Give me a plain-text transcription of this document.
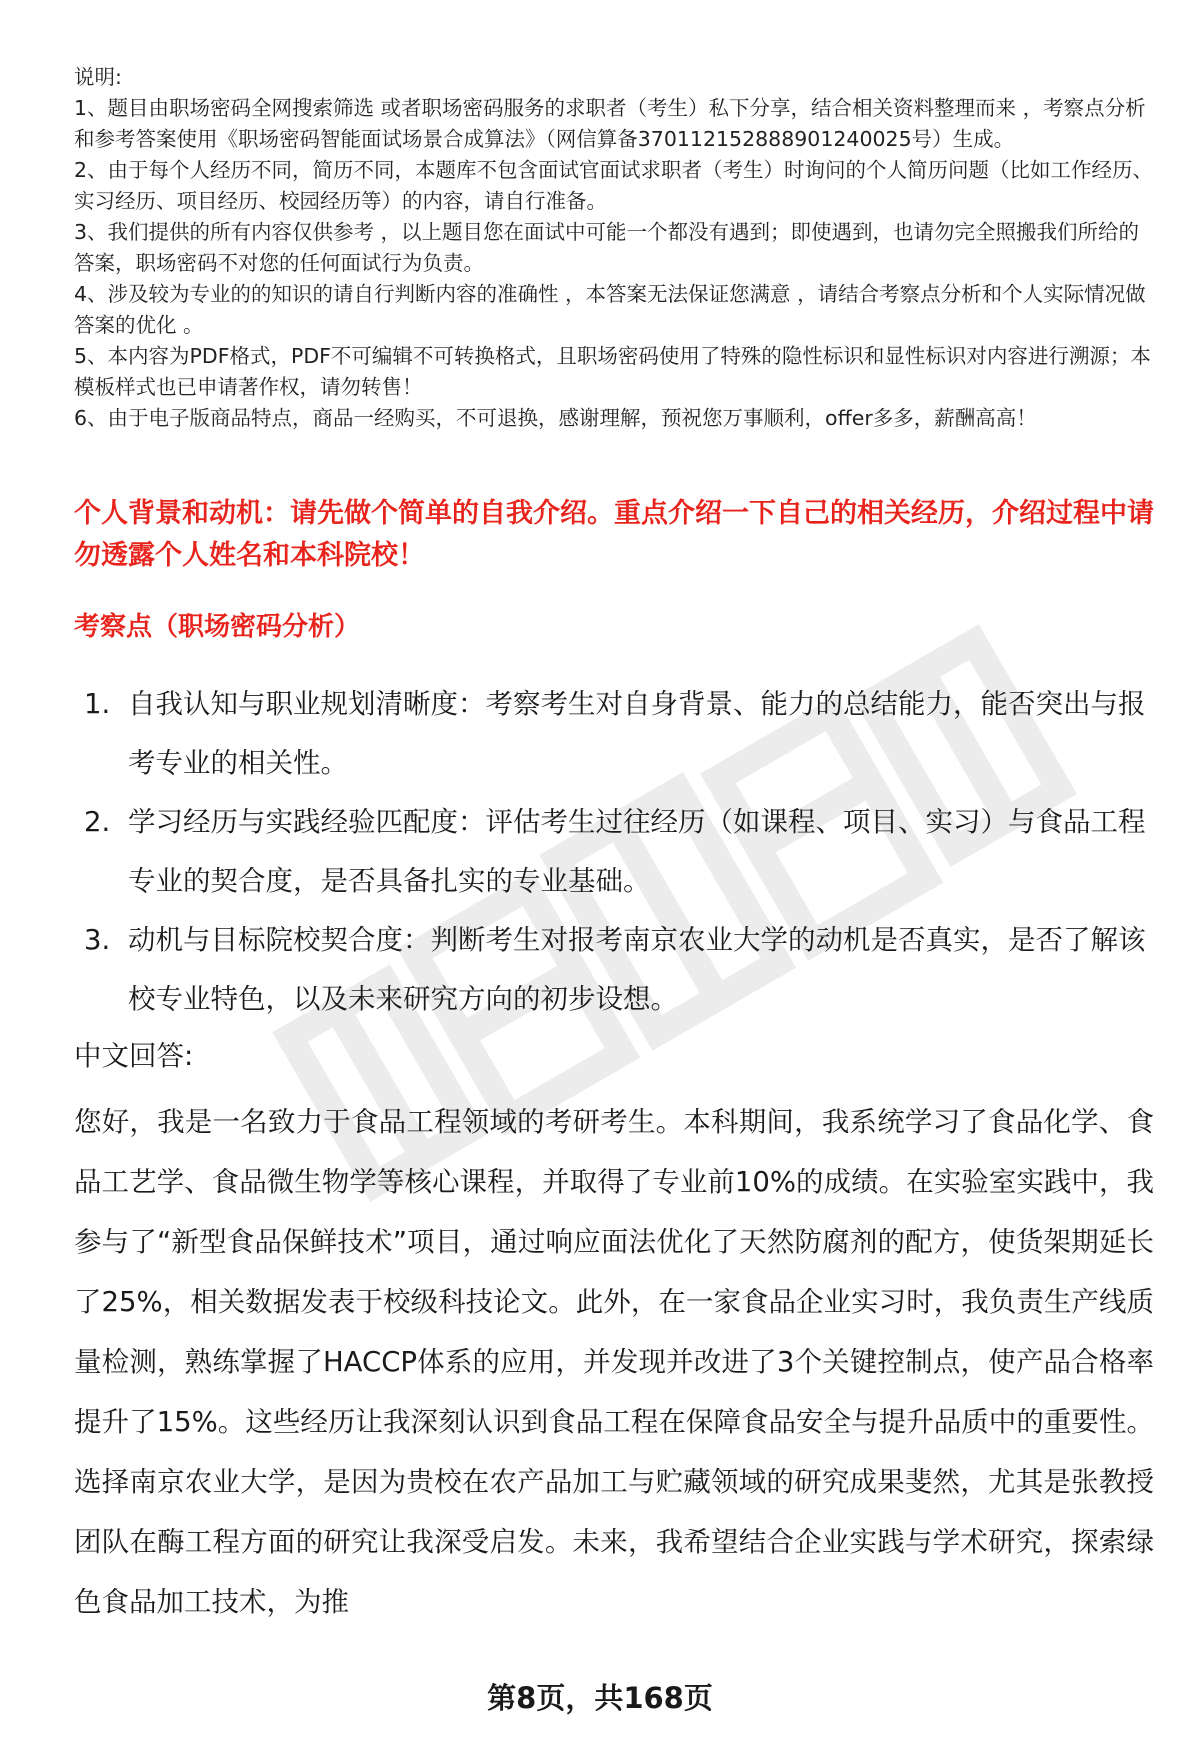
说明:

1、题目由职场密码全网搜索筛选 或者职场密码服务的求职者（考生）私下分享，结合相关资料整理而来 ，考察点分析和参考答案使用《职场密码智能面试场景合成算法》（网信算备370112152888901240025号）生成。

2、由于每个人经历不同，简历不同，本题库不包含面试官面试求职者（考生）时询问的个人简历问题（比如工作经历、实习经历、项目经历、校园经历等）的内容，请自行准备。

3、我们提供的所有内容仅供参考 ，以上题目您在面试中可能一个都没有遇到；即使遇到，也请勿完全照搬我们所给的答案，职场密码不对您的任何面试行为负责。

4、涉及较为专业的的知识的请自行判断内容的准确性 ，本答案无法保证您满意 ，请结合考察点分析和个人实际情况做答案的优化 。

5、本内容为PDF格式，PDF不可编辑不可转换格式，且职场密码使用了特殊的隐性标识和显性标识对内容进行溯源；本模板样式也已申请著作权，请勿转售！

6、由于电子版商品特点，商品一经购买，不可退换，感谢理解，预祝您万事顺利，offer多多，薪酬高高！

个人背景和动机：请先做个简单的自我介绍。重点介绍一下自己的相关经历，介绍过程中请勿透露个人姓名和本科院校！
考察点（职场密码分析）
1. 自我认知与职业规划清晰度：考察考生对自身背景、能力的总结能力，能否突出与报考专业的相关性。
2. 学习经历与实践经验匹配度：评估考生过往经历（如课程、项目、实习）与食品工程专业的契合度，是否具备扎实的专业基础。
3. 动机与目标院校契合度：判断考生对报考南京农业大学的动机是否真实，是否了解该校专业特色，以及未来研究方向的初步设想。
中文回答:

您好，我是一名致力于食品工程领域的考研考生。本科期间，我系统学习了食品化学、食品工艺学、食品微生物学等核心课程，并取得了专业前10%的成绩。在实验室实践中，我参与了“新型食品保鲜技术”项目，通过响应面法优化了天然防腐剂的配方，使货架期延长了25%，相关数据发表于校级科技论文。此外，在一家食品企业实习时，我负责生产线质量检测，熟练掌握了HACCP体系的应用，并发现并改进了3个关键控制点，使产品合格率提升了15%。这些经历让我深刻认识到食品工程在保障食品安全与提升品质中的重要性。选择南京农业大学，是因为贵校在农产品加工与贮藏领域的研究成果斐然，尤其是张教授团队在酶工程方面的研究让我深受启发。未来，我希望结合企业实践与学术研究，探索绿色食品加工技术，为推

第8页，共168页
